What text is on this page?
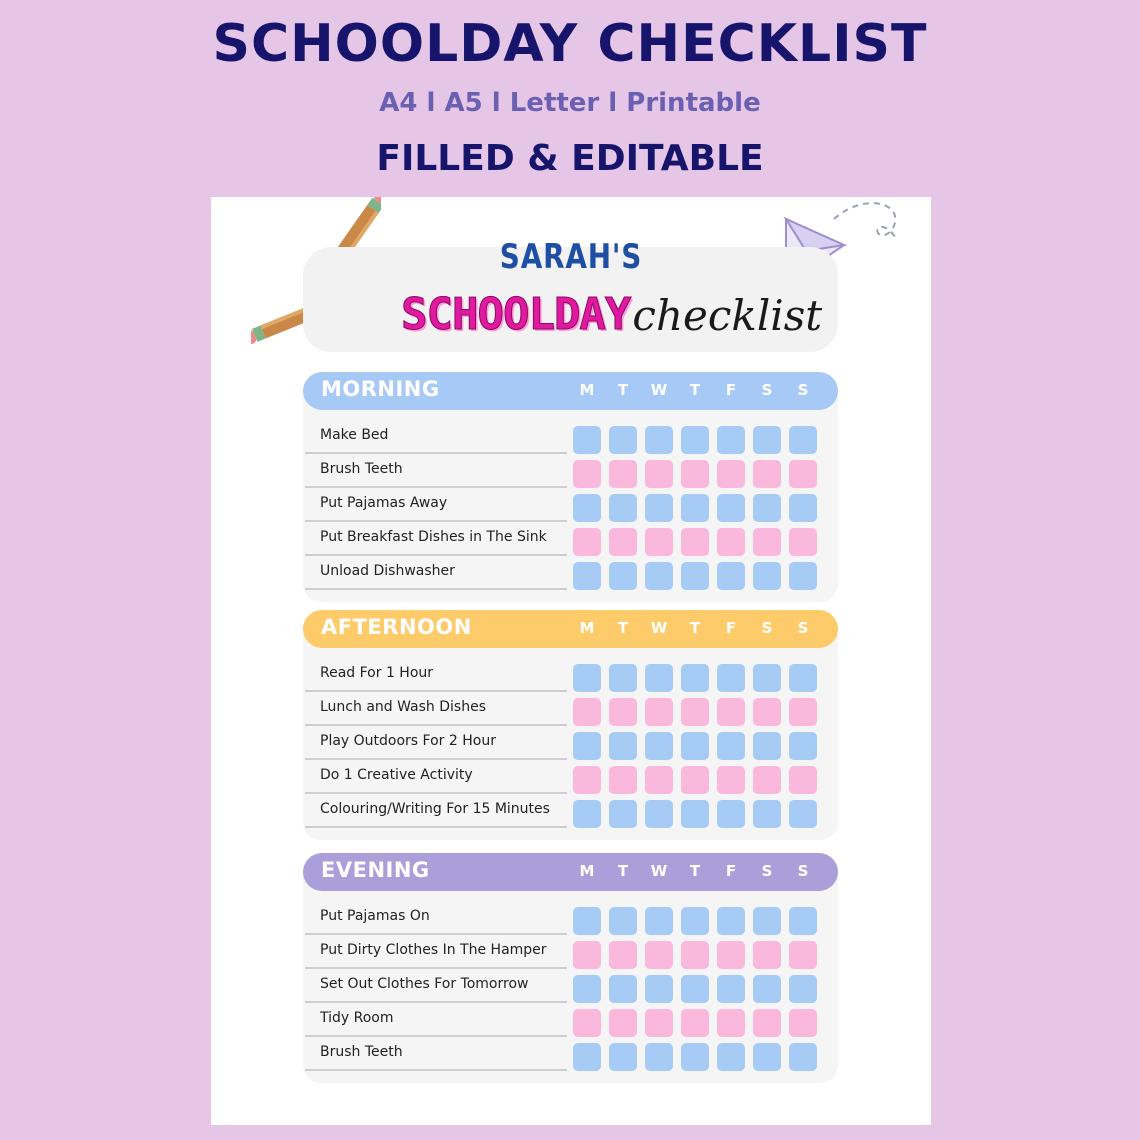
SCHOOLDAY CHECKLIST
A4 l A5 l Letter l Printable
FILLED & EDITABLE
SARAH'S
SCHOOLDAYchecklist
MORNING	M	T	W	T	F	S	S
Make Bed
Brush Teeth
Put Pajamas Away
Put Breakfast Dishes in The Sink
Unload Dishwasher
AFTERNOON	M	T	W	T	F	S	S
Read For 1 Hour
Lunch and Wash Dishes
Play Outdoors For 2 Hour
Do 1 Creative Activity
Colouring/Writing For 15 Minutes
EVENING	M	T	W	T	F	S	S
Put Pajamas On
Put Dirty Clothes In The Hamper
Set Out Clothes For Tomorrow
Tidy Room
Brush Teeth
